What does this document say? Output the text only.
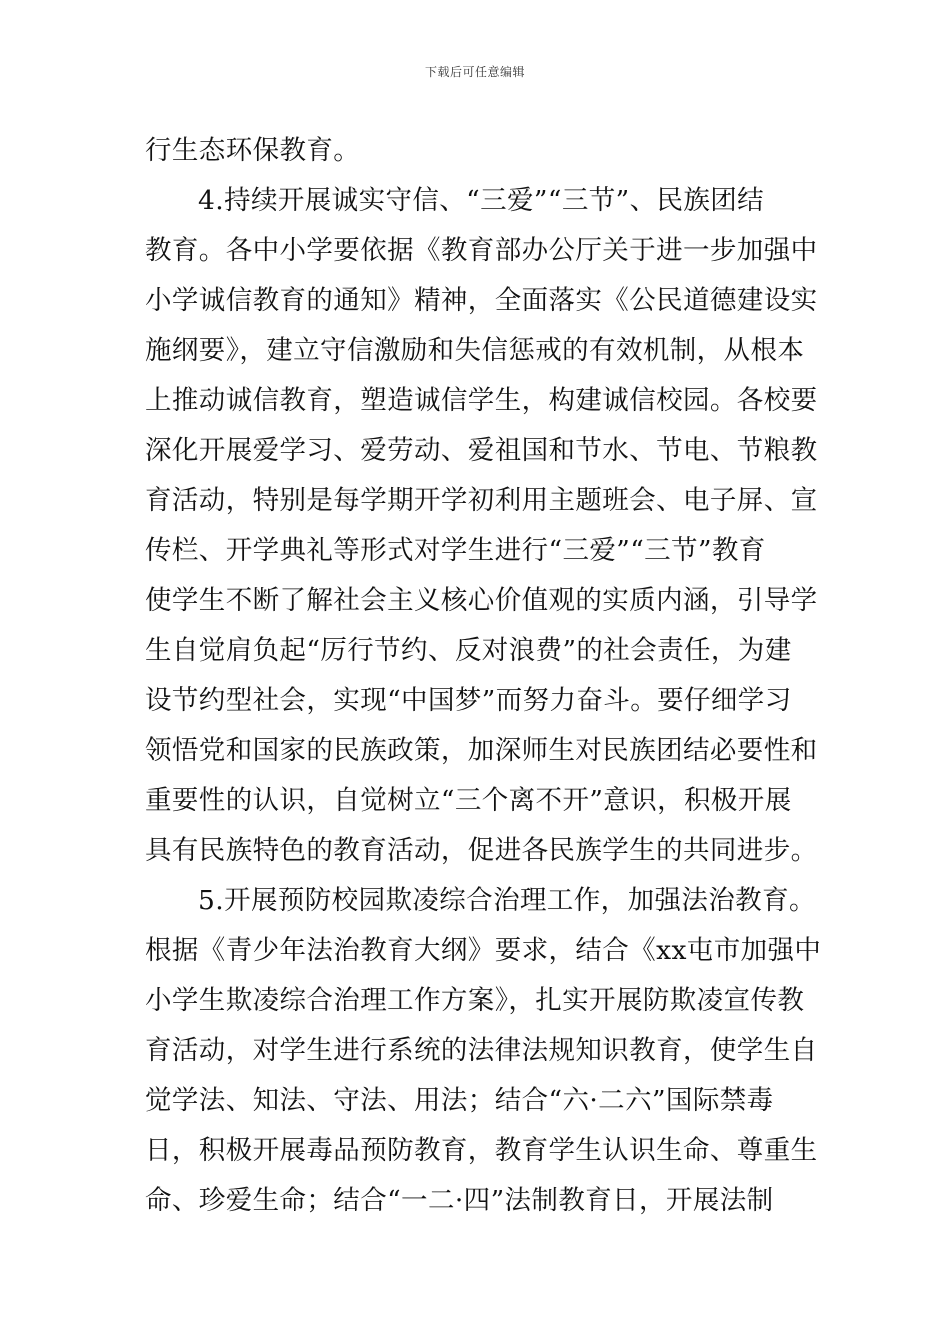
下载后可任意编辑
行生态环保教育。
4.持续开展诚实守信、“三爱”“三节”、民族团结
教育。各中小学要依据《教育部办公厅关于进一步加强中
小学诚信教育的通知》精神，全面落实《公民道德建设实
施纲要》，建立守信激励和失信惩戒的有效机制，从根本
上推动诚信教育，塑造诚信学生，构建诚信校园。各校要
深化开展爱学习、爱劳动、爱祖国和节水、节电、节粮教
育活动，特别是每学期开学初利用主题班会、电子屏、宣
传栏、开学典礼等形式对学生进行“三爱”“三节”教育
使学生不断了解社会主义核心价值观的实质内涵，引导学
生自觉肩负起“厉行节约、反对浪费”的社会责任，为建
设节约型社会，实现“中国梦”而努力奋斗。要仔细学习
领悟党和国家的民族政策，加深师生对民族团结必要性和
重要性的认识，自觉树立“三个离不开”意识，积极开展
具有民族特色的教育活动，促进各民族学生的共同进步。
5.开展预防校园欺凌综合治理工作，加强法治教育。
根据《青少年法治教育大纲》要求，结合《xx屯市加强中
小学生欺凌综合治理工作方案》，扎实开展防欺凌宣传教
育活动，对学生进行系统的法律法规知识教育，使学生自
觉学法、知法、守法、用法；结合“六·二六”国际禁毒
日，积极开展毒品预防教育，教育学生认识生命、尊重生
命、珍爱生命；结合“一二·四”法制教育日，开展法制
